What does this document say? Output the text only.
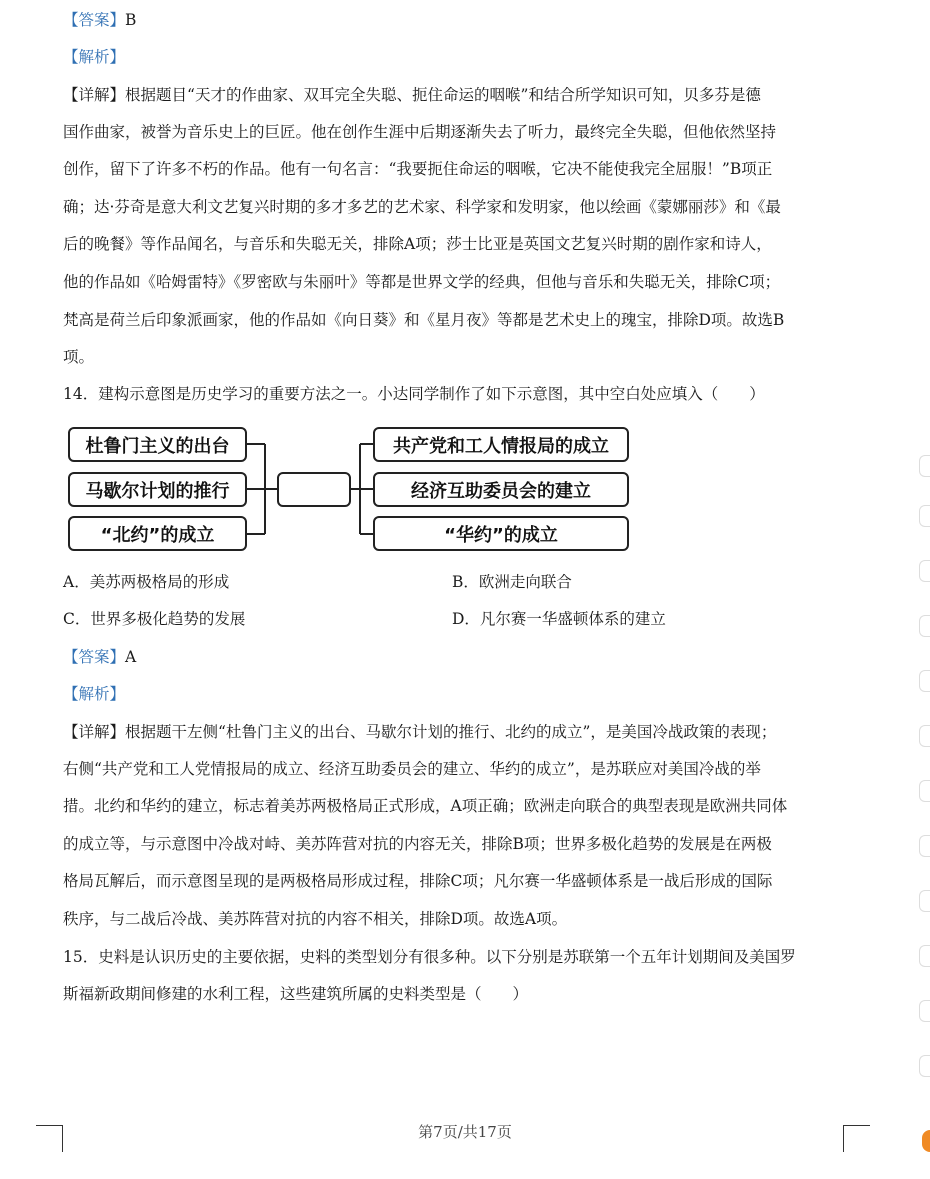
【答案】B
【解析】
【详解】根据题目“天才的作曲家、双耳完全失聪、扼住命运的咽喉”和结合所学知识可知，贝多芬是德
国作曲家，被誉为音乐史上的巨匠。他在创作生涯中后期逐渐失去了听力，最终完全失聪，但他依然坚持
创作，留下了许多不朽的作品。他有一句名言：“我要扼住命运的咽喉，它决不能使我完全屈服！”B项正
确；达·芬奇是意大利文艺复兴时期的多才多艺的艺术家、科学家和发明家，他以绘画《蒙娜丽莎》和《最
后的晚餐》等作品闻名，与音乐和失聪无关，排除A项；莎士比亚是英国文艺复兴时期的剧作家和诗人，
他的作品如《哈姆雷特》《罗密欧与朱丽叶》等都是世界文学的经典，但他与音乐和失聪无关，排除C项；
梵高是荷兰后印象派画家，他的作品如《向日葵》和《星月夜》等都是艺术史上的瑰宝，排除D项。故选B
项。
14．建构示意图是历史学习的重要方法之一。小达同学制作了如下示意图，其中空白处应填入（　　）
杜鲁门主义的出台
马歇尔计划的推行
“北约”的成立
共产党和工人情报局的成立
经济互助委员会的建立
“华约”的成立
A．美苏两极格局的形成	B．欧洲走向联合
C．世界多极化趋势的发展	D．凡尔赛一华盛顿体系的建立
【答案】A
【解析】
【详解】根据题干左侧“杜鲁门主义的出台、马歇尔计划的推行、北约的成立”，是美国冷战政策的表现；
右侧“共产党和工人党情报局的成立、经济互助委员会的建立、华约的成立”，是苏联应对美国冷战的举
措。北约和华约的建立，标志着美苏两极格局正式形成，A项正确；欧洲走向联合的典型表现是欧洲共同体
的成立等，与示意图中冷战对峙、美苏阵营对抗的内容无关，排除B项；世界多极化趋势的发展是在两极
格局瓦解后，而示意图呈现的是两极格局形成过程，排除C项；凡尔赛一华盛顿体系是一战后形成的国际
秩序，与二战后冷战、美苏阵营对抗的内容不相关，排除D项。故选A项。
15．史料是认识历史的主要依据，史料的类型划分有很多种。以下分别是苏联第一个五年计划期间及美国罗
斯福新政期间修建的水利工程，这些建筑所属的史料类型是（　　）
第7页/共17页
